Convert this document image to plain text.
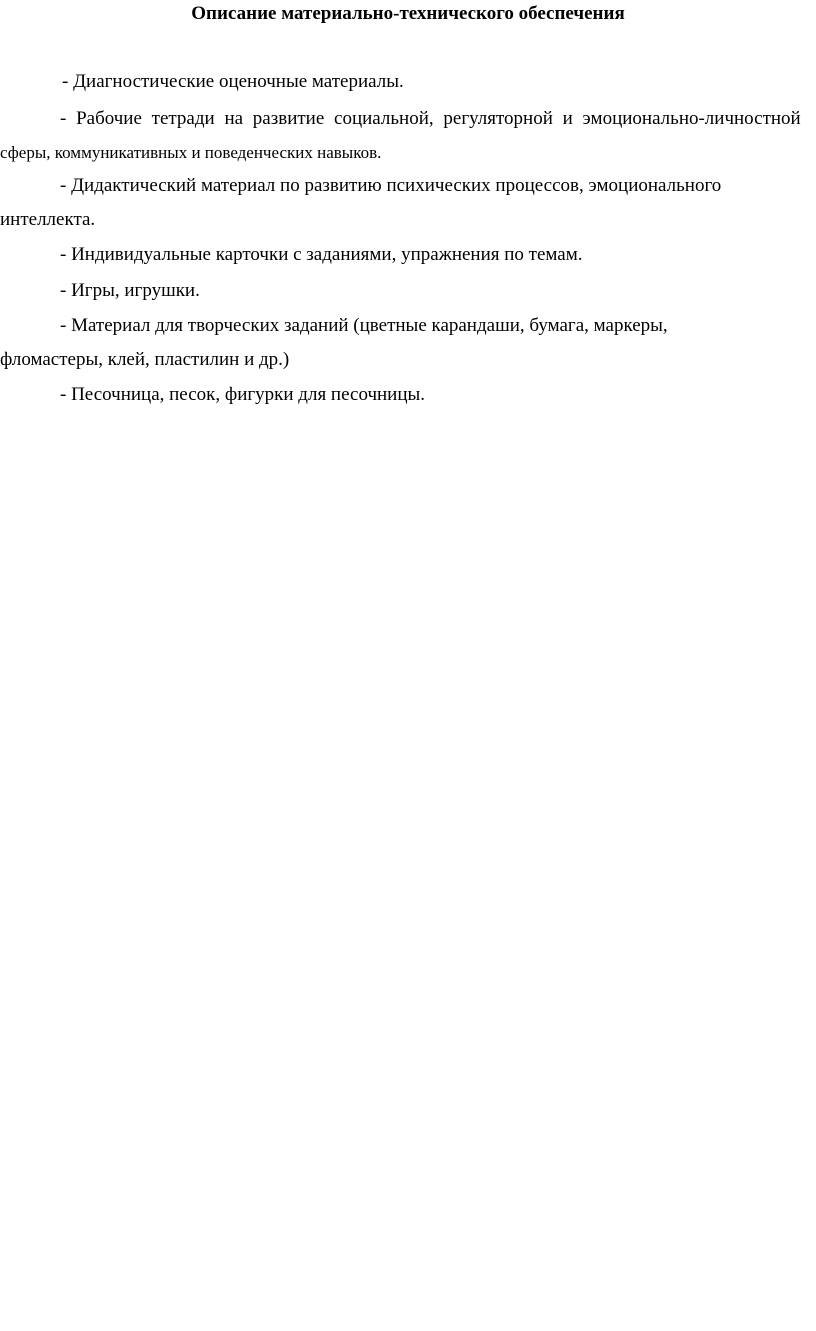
Описание материально-технического обеспечения
- Диагностические оценочные материалы.
- Рабочие тетради на развитие социальной, регуляторной и эмоционально-личностной
сферы, коммуникативных и поведенческих навыков.
- Дидактический материал по развитию психических процессов, эмоционального
интеллекта.
- Индивидуальные карточки с заданиями, упражнения по темам.
- Игры, игрушки.
- Материал для творческих заданий (цветные карандаши, бумага, маркеры,
фломастеры, клей, пластилин и др.)
- Песочница, песок, фигурки для песочницы.
